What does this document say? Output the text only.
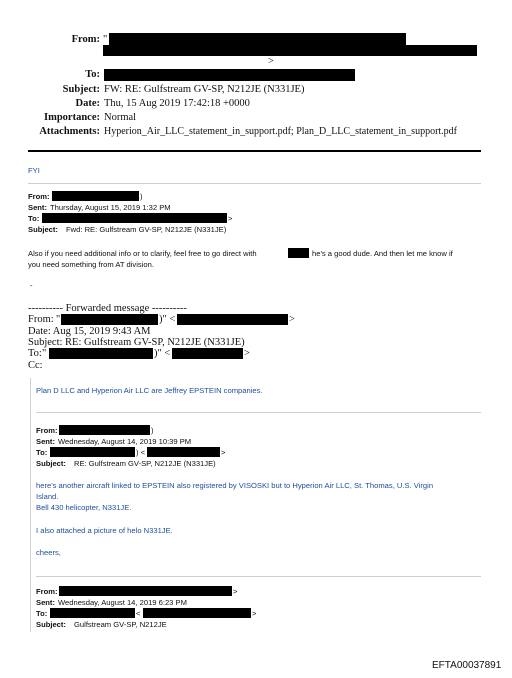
From: "
>
To:
Subject: FW: RE: Gulfstream GV-SP, N212JE (N331JE)
Date: Thu, 15 Aug 2019 17:42:18 +0000
Importance: Normal
Attachments: Hyperion_Air_LLC_statement_in_support.pdf; Plan_D_LLC_statement_in_support.pdf
FYI
From:	)
Sent: Thursday, August 15, 2019 1:32 PM
To:	>
Subject: Fwd: RE: Gulfstream GV-SP, N212JE (N331JE)
Also if you need additional info or to clarify, feel free to go direct with	he's a good dude. And then let me know if
you need something from AT division.
-
---------- Forwarded message ----------
From: "	)" <	>
Date: Aug 15, 2019 9:43 AM
Subject: RE: Gulfstream GV-SP, N212JE (N331JE)
To: "	)" <	>
Cc:
Plan D LLC and Hyperion Air LLC are Jeffrey EPSTEIN companies.
From:	)
Sent: Wednesday, August 14, 2019 10:39 PM
To:	) <	>
Subject: RE: Gulfstream GV-SP, N212JE (N331JE)
here's another aircraft linked to EPSTEIN also registered by VISOSKI but to Hyperion Air LLC, St. Thomas, U.S. Virgin
Island.
Bell 430 helicopter, N331JE.
I also attached a picture of helo N331JE.
cheers,
From:	>
Sent: Wednesday, August 14, 2019 6:23 PM
To:	<	>
Subject: Gulfstream GV-SP, N212JE
EFTA00037891
